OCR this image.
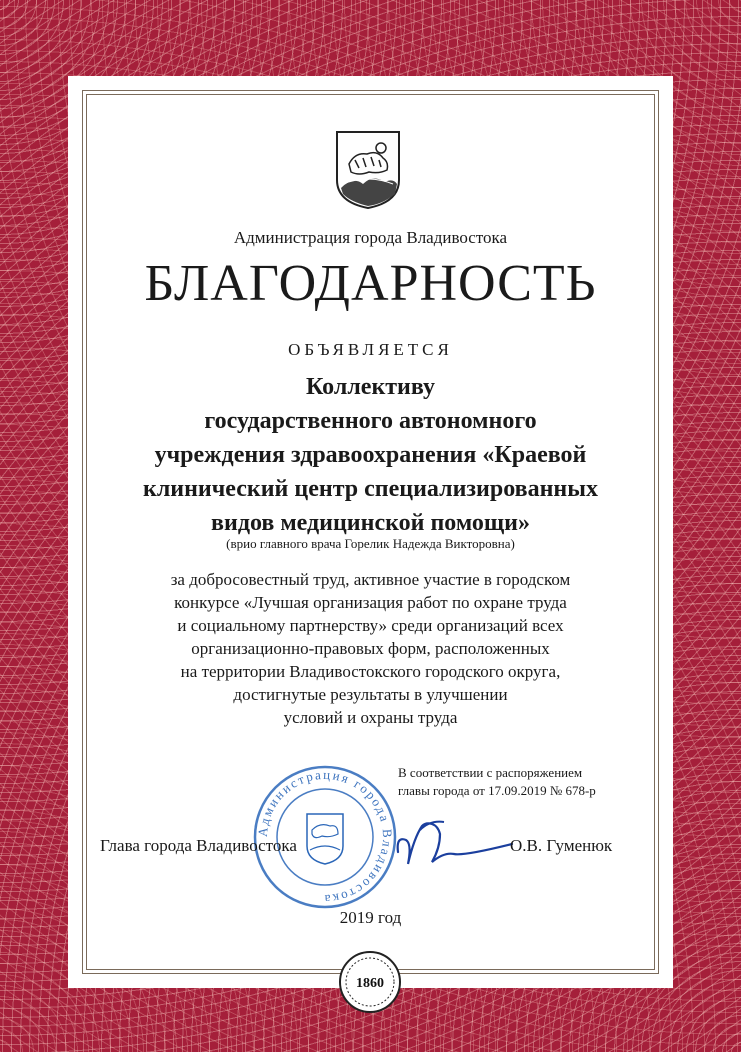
Администрация города Владивостока
БЛАГОДАРНОСТЬ
ОБЪЯВЛЯЕТСЯ
Коллективу
государственного автономного
учреждения здравоохранения «Краевой
клинический центр специализированных
видов медицинской помощи»
(врио главного врача Горелик Надежда Викторовна)
за добросовестный труд, активное участие в городском
конкурсе «Лучшая организация работ по охране труда
и социальному партнерству» среди организаций всех
организационно-правовых форм, расположенных
на территории Владивостокского городского округа,
достигнутые результаты в улучшении
условий и охраны труда
В соответствии с распоряжением
главы города от 17.09.2019 № 678-р
Администрация города Владивостока
Глава города Владивостока	О.В. Гуменюк
2019 год
1860
